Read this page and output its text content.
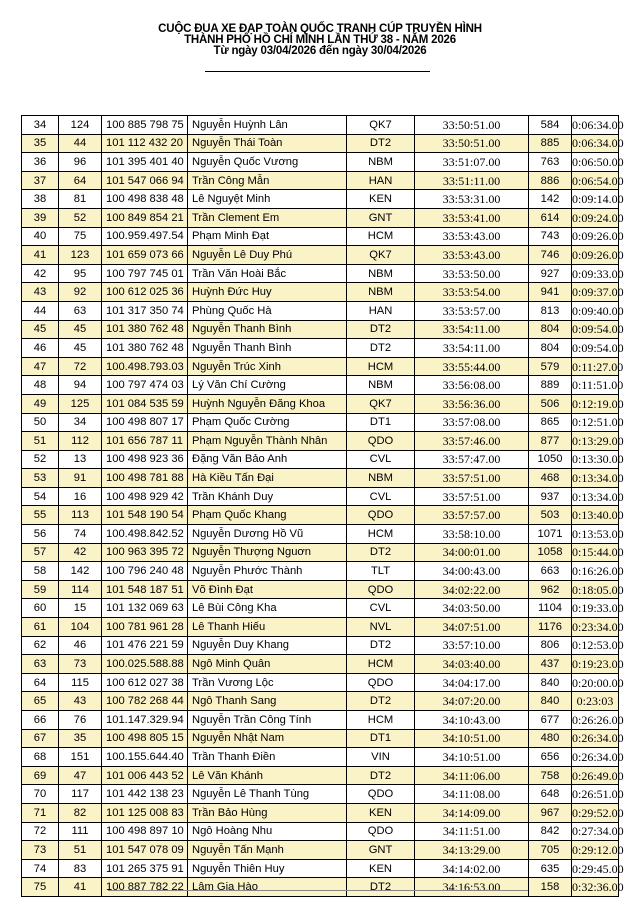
CUỘC ĐUA XE ĐẠP TOÀN QUỐC TRANH CÚP TRUYỀN HÌNH
THÀNH PHỐ HỒ CHÍ MINH LẦN THỨ 38 - NĂM 2026
Từ ngày 03/04/2026 đến ngày 30/04/2026
34	124	100 885 798 75	Nguyễn Huỳnh Lân	QK7	33:50:51.00	584	0:06:34.00
35	44	101 112 432 20	Nguyễn Thái Toàn	DT2	33:50:51.00	885	0:06:34.00
36	96	101 395 401 40	Nguyễn Quốc Vương	NBM	33:51:07.00	763	0:06:50.00
37	64	101 547 066 94	Trần Công Mẫn	HAN	33:51:11.00	886	0:06:54.00
38	81	100 498 838 48	Lê Nguyệt Minh	KEN	33:53:31.00	142	0:09:14.00
39	52	100 849 854 21	Trần Clement Em	GNT	33:53:41.00	614	0:09:24.00
40	75	100.959.497.54	Phạm Minh Đạt	HCM	33:53:43.00	743	0:09:26.00
41	123	101 659 073 66	Nguyễn Lê Duy Phú	QK7	33:53:43.00	746	0:09:26.00
42	95	100 797 745 01	Trần Văn Hoài Bắc	NBM	33:53:50.00	927	0:09:33.00
43	92	100 612 025 36	Huỳnh Đức Huy	NBM	33:53:54.00	941	0:09:37.00
44	63	101 317 350 74	Phùng Quốc Hà	HAN	33:53:57.00	813	0:09:40.00
45	45	101 380 762 48	Nguyễn Thanh Bình	DT2	33:54:11.00	804	0:09:54.00
46	45	101 380 762 48	Nguyễn Thanh Bình	DT2	33:54:11.00	804	0:09:54.00
47	72	100.498.793.03	Nguyễn Trúc Xinh	HCM	33:55:44.00	579	0:11:27.00
48	94	100 797 474 03	Lý Văn Chí Cường	NBM	33:56:08.00	889	0:11:51.00
49	125	101 084 535 59	Huỳnh Nguyễn Đăng Khoa	QK7	33:56:36.00	506	0:12:19.00
50	34	100 498 807 17	Phạm Quốc Cường	DT1	33:57:08.00	865	0:12:51.00
51	112	101 656 787 11	Phạm Nguyễn Thành Nhân	QDO	33:57:46.00	877	0:13:29.00
52	13	100 498 923 36	Đặng Văn Bảo Anh	CVL	33:57:47.00	1050	0:13:30.00
53	91	100 498 781 88	Hà Kiều Tấn Đại	NBM	33:57:51.00	468	0:13:34.00
54	16	100 498 929 42	Trần Khánh Duy	CVL	33:57:51.00	937	0:13:34.00
55	113	101 548 190 54	Phạm Quốc Khang	QDO	33:57:57.00	503	0:13:40.00
56	74	100.498.842.52	Nguyễn Dương Hồ Vũ	HCM	33:58:10.00	1071	0:13:53.00
57	42	100 963 395 72	Nguyễn Thượng Nguơn	DT2	34:00:01.00	1058	0:15:44.00
58	142	100 796 240 48	Nguyễn Phước Thành	TLT	34:00:43.00	663	0:16:26.00
59	114	101 548 187 51	Võ Đình Đạt	QDO	34:02:22.00	962	0:18:05.00
60	15	101 132 069 63	Lê Bùi Công Kha	CVL	34:03:50.00	1104	0:19:33.00
61	104	100 781 961 28	Lê Thanh Hiếu	NVL	34:07:51.00	1176	0:23:34.00
62	46	101 476 221 59	Nguyễn Duy Khang	DT2	33:57:10.00	806	0:12:53.00
63	73	100.025.588.88	Ngô Minh Quân	HCM	34:03:40.00	437	0:19:23.00
64	115	100 612 027 38	Trần Vương Lộc	QDO	34:04:17.00	840	0:20:00.00
65	43	100 782 268 44	Ngô Thanh Sang	DT2	34:07:20.00	840	0:23:03
66	76	101.147.329.94	Nguyễn Trần Công Tính	HCM	34:10:43.00	677	0:26:26.00
67	35	100 498 805 15	Nguyễn Nhật Nam	DT1	34:10:51.00	480	0:26:34.00
68	151	100.155.644.40	Trần Thanh Điền	VIN	34:10:51.00	656	0:26:34.00
69	47	101 006 443 52	Lê Văn Khánh	DT2	34:11:06.00	758	0:26:49.00
70	117	101 442 138 23	Nguyễn Lê Thanh Tùng	QDO	34:11:08.00	648	0:26:51.00
71	82	101 125 008 83	Trần Bảo Hùng	KEN	34:14:09.00	967	0:29:52.00
72	111	100 498 897 10	Ngô Hoàng Nhu	QDO	34:11:51.00	842	0:27:34.00
73	51	101 547 078 09	Nguyễn Tấn Mạnh	GNT	34:13:29.00	705	0:29:12.00
74	83	101 265 375 91	Nguyễn Thiên Huy	KEN	34:14:02.00	635	0:29:45.00
75	41	100 887 782 22	Lâm Gia Hào	DT2	34:16:53.00	158	0:32:36.00
